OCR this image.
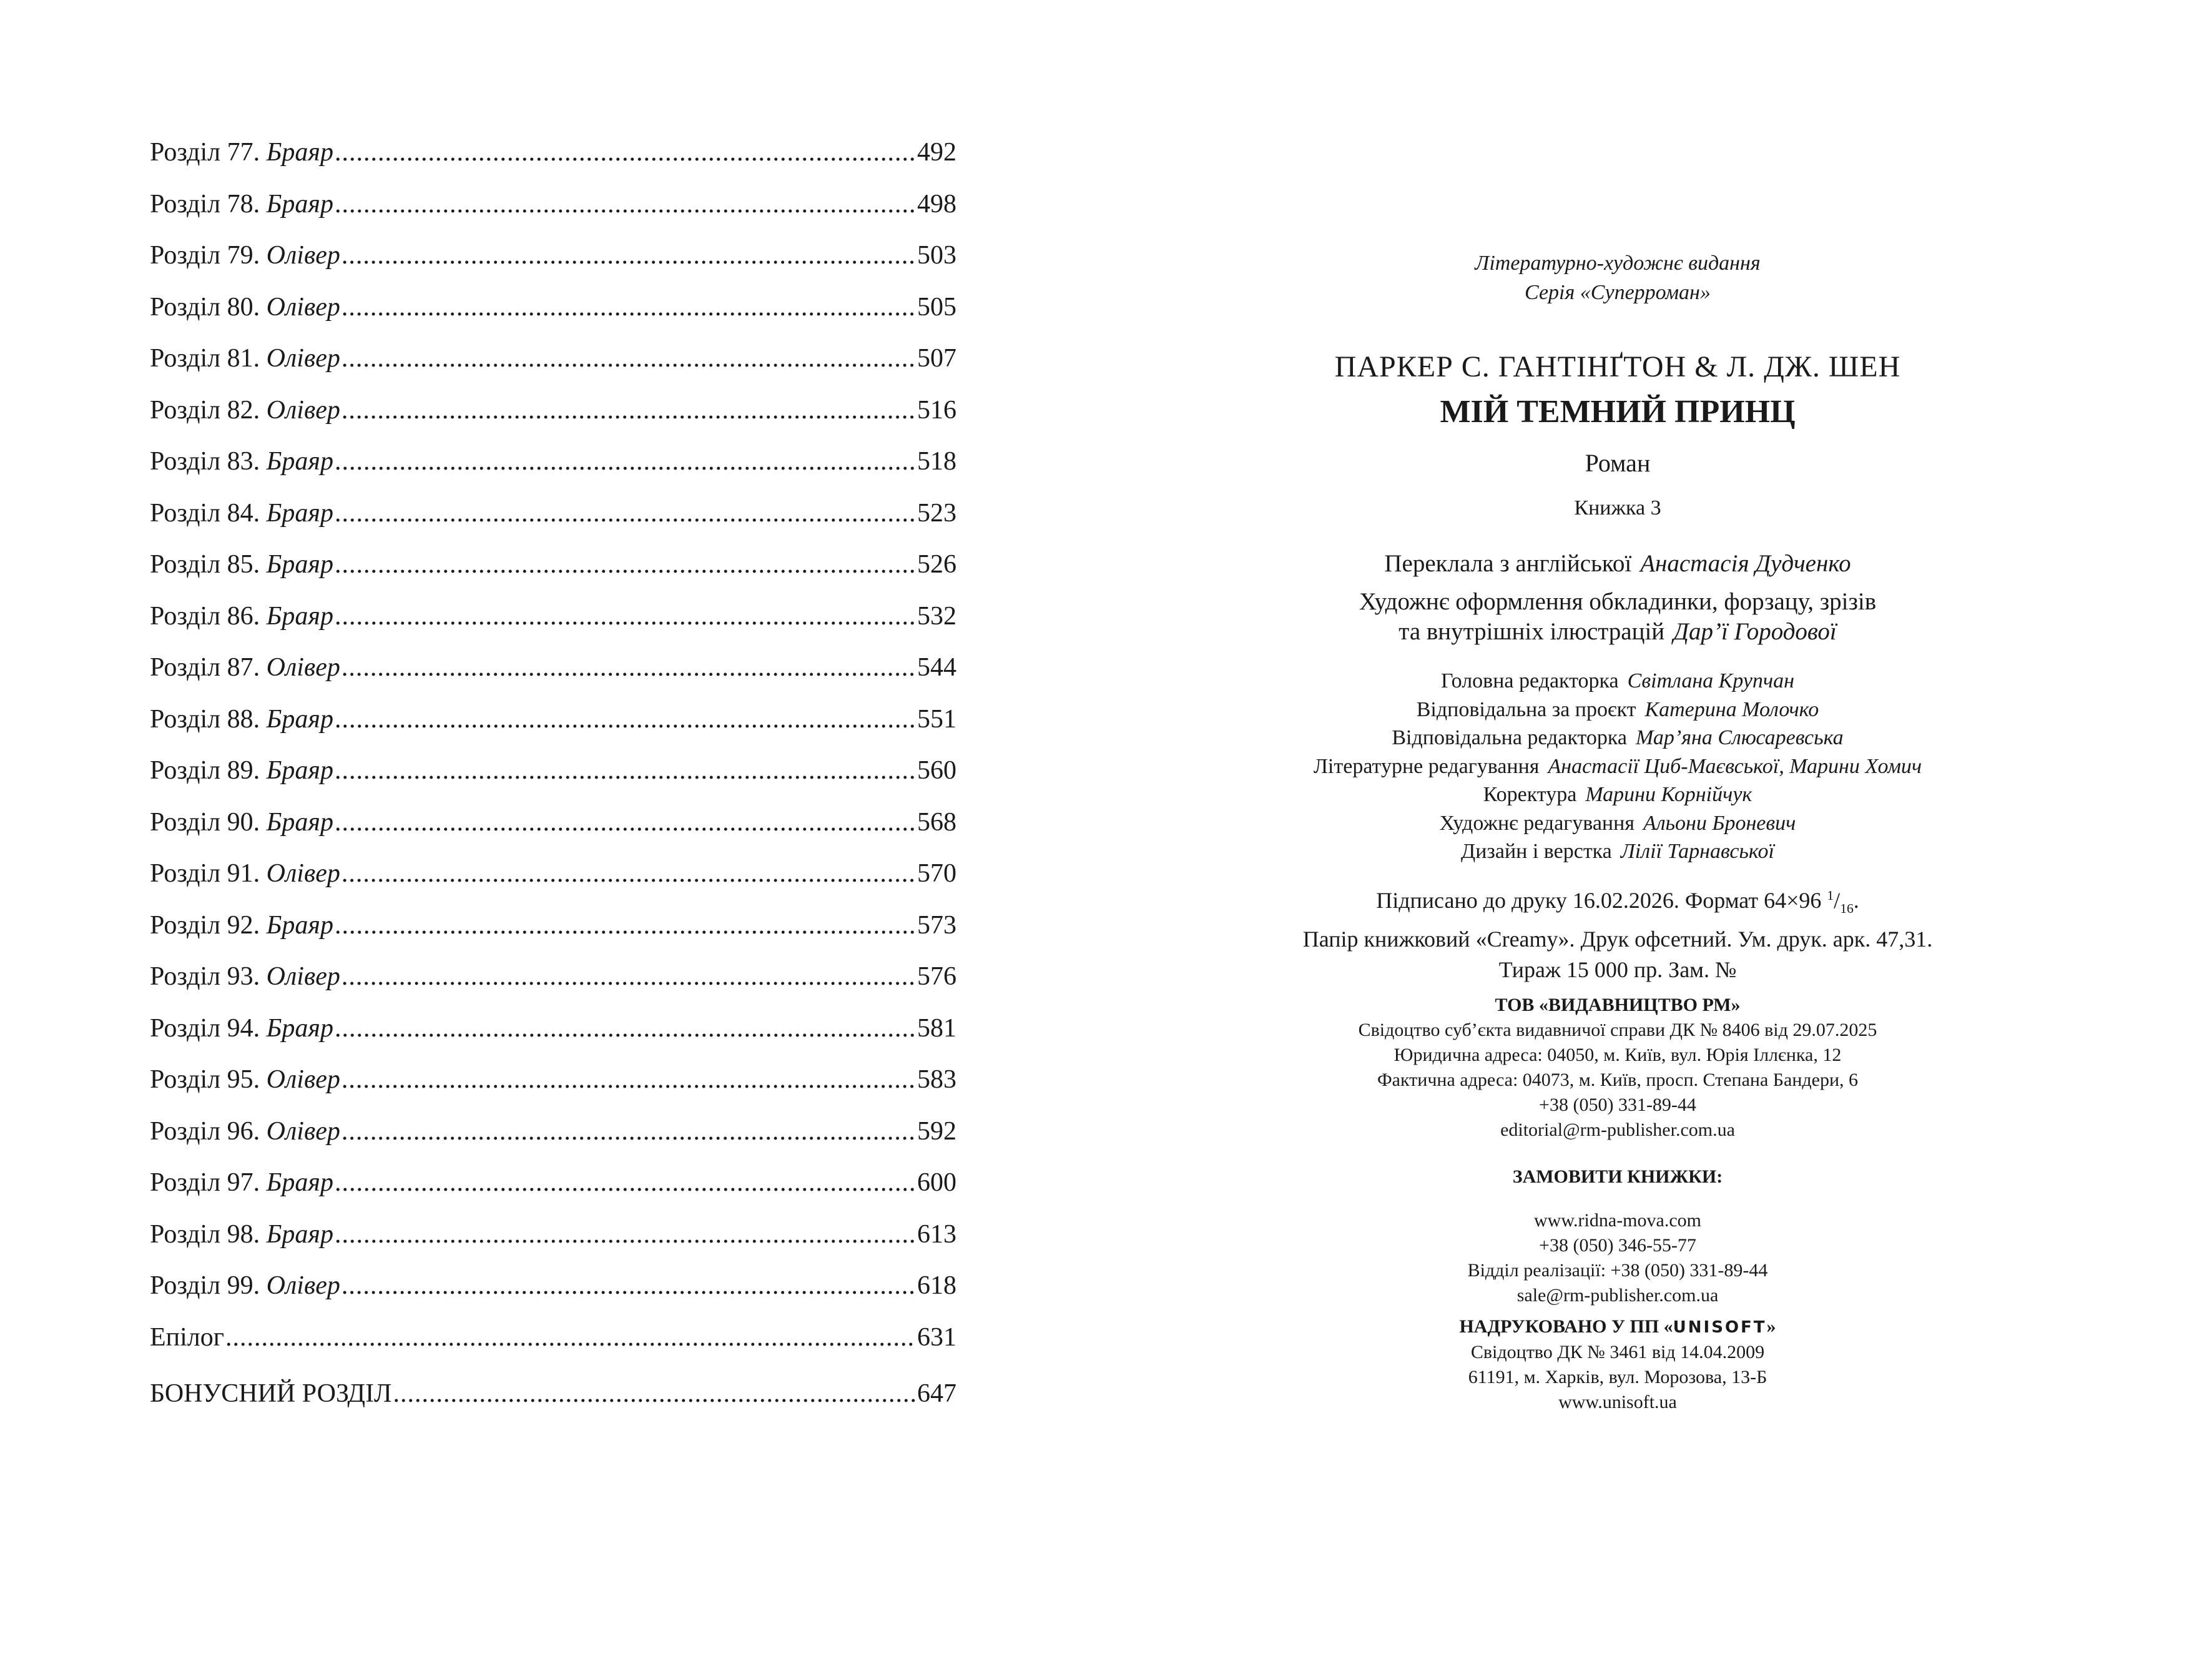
Розділ 77. Браяр .....	492
Розділ 78. Браяр .....	498
Розділ 79. Олівер .....	503
Розділ 80. Олівер .....	505
Розділ 81. Олівер .....	507
Розділ 82. Олівер .....	516
Розділ 83. Браяр .....	518
Розділ 84. Браяр .....	523
Розділ 85. Браяр .....	526
Розділ 86. Браяр .....	532
Розділ 87. Олівер .....	544
Розділ 88. Браяр .....	551
Розділ 89. Браяр .....	560
Розділ 90. Браяр .....	568
Розділ 91. Олівер .....	570
Розділ 92. Браяр .....	573
Розділ 93. Олівер .....	576
Розділ 94. Браяр .....	581
Розділ 95. Олівер .....	583
Розділ 96. Олівер .....	592
Розділ 97. Браяр .....	600
Розділ 98. Браяр .....	613
Розділ 99. Олівер .....	618
Епілог .....	631
БОНУСНИЙ РОЗДІЛ .....	647
Літературно-художнє видання
Серія «Суперроман»
ПАРКЕР С. ГАНТІНҐТОН & Л. ДЖ. ШЕН
МІЙ ТЕМНИЙ ПРИНЦ
Роман
Книжка 3
Переклала з англійської Анастасія Дудченко
Художнє оформлення обкладинки, форзацу, зрізів
та внутрішніх ілюстрацій Дар’ї Городової
Головна редакторка Світлана Крупчан
Відповідальна за проєкт Катерина Молочко
Відповідальна редакторка Мар’яна Слюсаревська
Літературне редагування Анастасії Циб-Маєвської, Марини Хомич
Коректура Марини Корнійчук
Художнє редагування Альони Броневич
Дизайн і верстка Лілії Тарнавської
Підписано до друку 16.02.2026. Формат 64×96 $^1/_{16}$.
Папір книжковий «Creamy». Друк офсетний. Ум. друк. арк. 47,31.
Тираж 15 000 пр. Зам. №
ТОВ «ВИДАВНИЦТВО РМ»
Свідоцтво суб’єкта видавничої справи ДК № 8406 від 29.07.2025
Юридична адреса: 04050, м. Київ, вул. Юрія Іллєнка, 12
Фактична адреса: 04073, м. Київ, просп. Степана Бандери, 6
+38 (050) 331-89-44
editorial@rm-publisher.com.ua
ЗАМОВИТИ КНИЖКИ:
www.ridna-mova.com
+38 (050) 346-55-77
Відділ реалізації: +38 (050) 331-89-44
sale@rm-publisher.com.ua
НАДРУКОВАНО У ПП «UNISOFT»
Свідоцтво ДК № 3461 від 14.04.2009
61191, м. Харків, вул. Морозова, 13-Б
www.unisoft.ua
